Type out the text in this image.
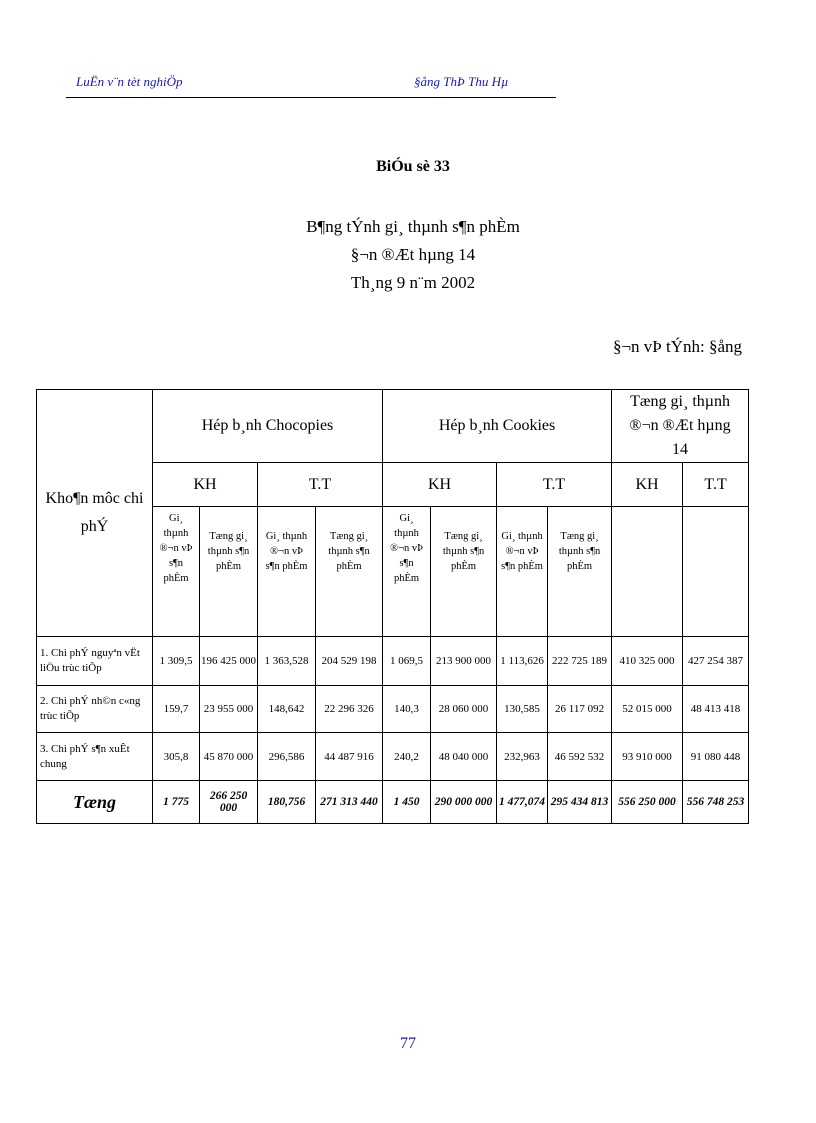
LuËn v¨n tèt nghiÖp	§ång ThÞ Thu Hµ
BiÓu sè 33
B¶ng tÝnh gi¸ thµnh s¶n phÈm
§¬n ®Æt hµng 14
Th¸ng 9 n¨m 2002
§¬n vÞ tÝnh: §ång
Kho¶n môc chi phÝ	Hép b¸nh Chocopies				Hép b¸nh Cookies				Tæng gi¸ thµnh ®¬n ®Æt hµng 14	
	KH		T.T		KH		T.T		KH	T.T
	Gi¸ thµnh ®¬n vÞ s¶n phÈm	Tæng gi¸ thµnh s¶n phÈm	Gi¸ thµnh ®¬n vÞ s¶n phÈm	Tæng gi¸ thµnh s¶n phÈm	Gi¸ thµnh ®¬n vÞ s¶n phÈm	Tæng gi¸ thµnh s¶n phÈm	Gi¸ thµnh ®¬n vÞ s¶n phÈm	Tæng gi¸ thµnh s¶n phÈm		
1. Chi phÝ nguyªn vËt liÖu trùc tiÕp	1 309,5	196 425 000	1 363,528	204 529 198	1 069,5	213 900 000	1 113,626	222 725 189	410 325 000	427 254 387
2. Chi phÝ nh©n c«ng trùc tiÕp	159,7	23 955 000	148,642	22 296 326	140,3	28 060 000	130,585	26 117 092	52 015 000	48 413 418
3. Chi phÝ s¶n xuÊt chung	305,8	45 870 000	296,586	44 487 916	240,2	48 040 000	232,963	46 592 532	93 910 000	91 080 448
Tæng	1 775	266 250 000	180,756	271 313 440	1 450	290 000 000	1 477,074	295 434 813	556 250 000	556 748 253
77
